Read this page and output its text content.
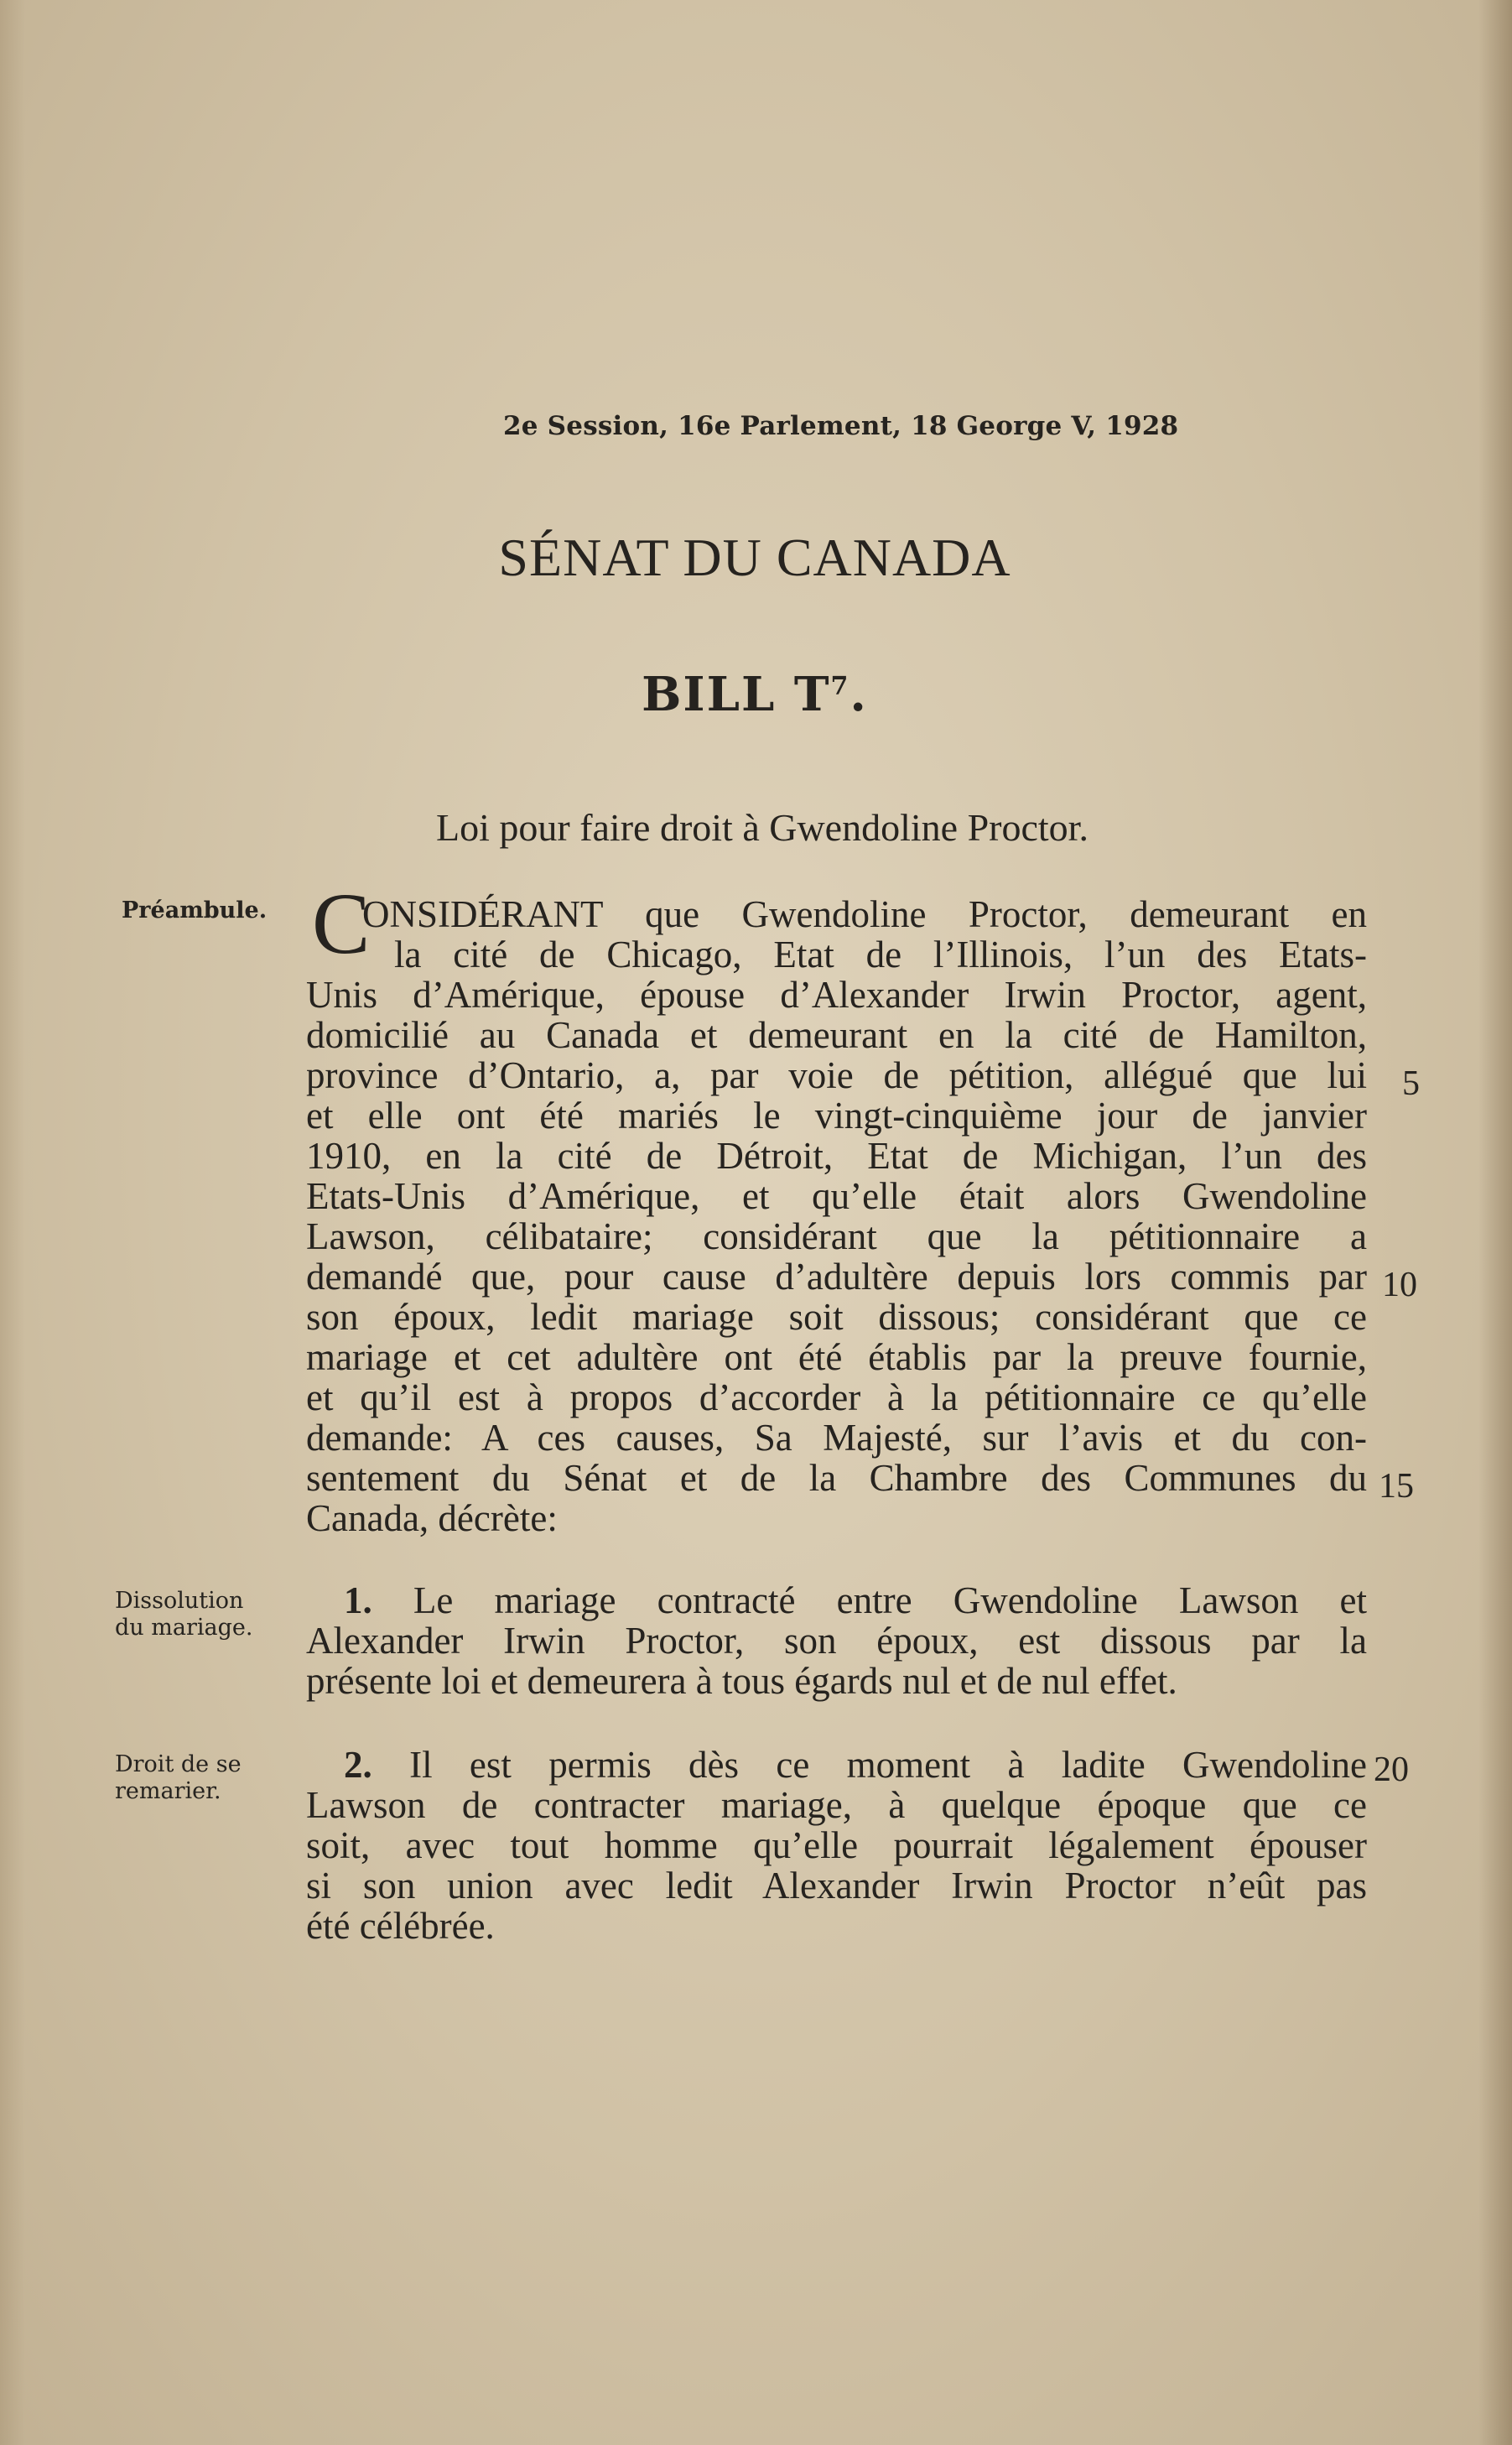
2e Session, 16e Parlement, 18 George V, 1928
SÉNAT DU CANADA
BILL $T^7$.
Loi pour faire droit à Gwendoline Proctor.
Préambule.
Dissolution
du mariage.
Droit de se
remarier.
C
ONSIDÉRANT que Gwendoline Proctor, demeurant en
la cité de Chicago, Etat de l’Illinois, l’un des Etats-
Unis d’Amérique, épouse d’Alexander Irwin Proctor, agent,
domicilié au Canada et demeurant en la cité de Hamilton,
province d’Ontario, a, par voie de pétition, allégué que lui
et elle ont été mariés le vingt-cinquième jour de janvier
1910, en la cité de Détroit, Etat de Michigan, l’un des
Etats-Unis d’Amérique, et qu’elle était alors Gwendoline
Lawson, célibataire; considérant que la pétitionnaire a
demandé que, pour cause d’adultère depuis lors commis par
son époux, ledit mariage soit dissous; considérant que ce
mariage et cet adultère ont été établis par la preuve fournie,
et qu’il est à propos d’accorder à la pétitionnaire ce qu’elle
demande: A ces causes, Sa Majesté, sur l’avis et du con-
sentement du Sénat et de la Chambre des Communes du
Canada, décrète:
1. Le mariage contracté entre Gwendoline Lawson et
Alexander Irwin Proctor, son époux, est dissous par la
présente loi et demeurera à tous égards nul et de nul effet.
2. Il est permis dès ce moment à ladite Gwendoline
Lawson de contracter mariage, à quelque époque que ce
soit, avec tout homme qu’elle pourrait légalement épouser
si son union avec ledit Alexander Irwin Proctor n’eût pas
été célébrée.
5
10
15
20
